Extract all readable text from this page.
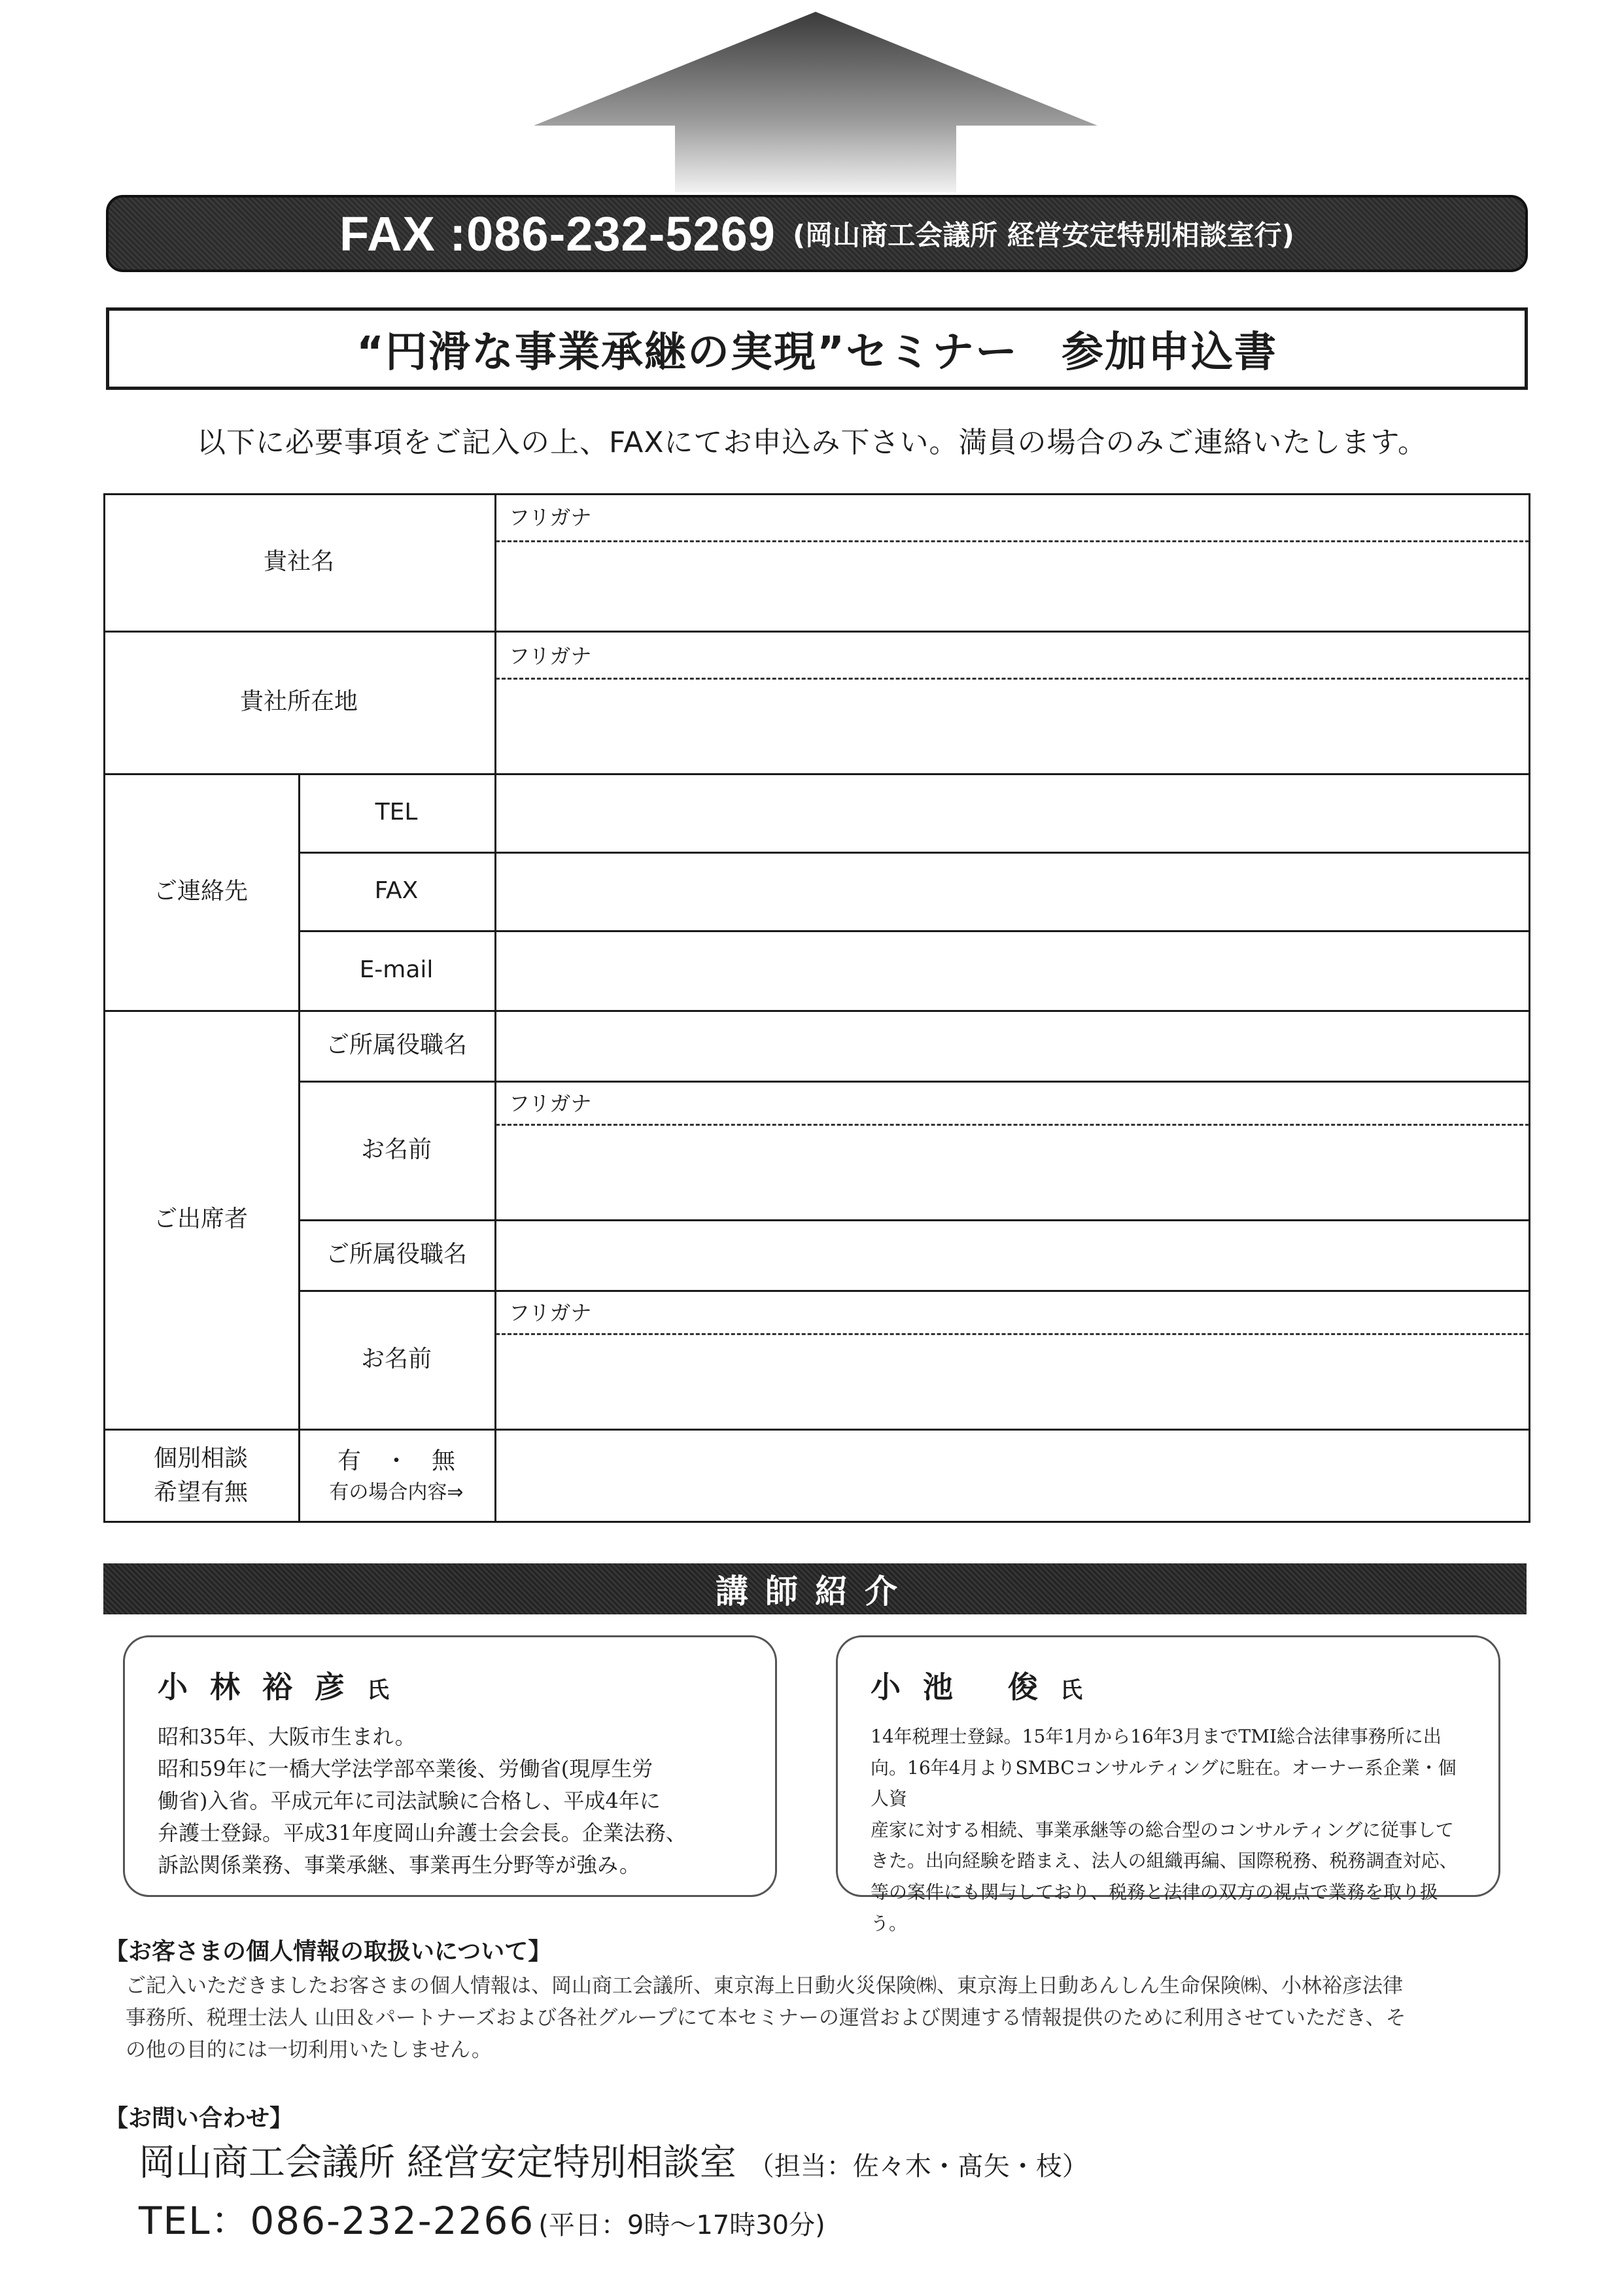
FAX :086-232-5269 (岡山商工会議所 経営安定特別相談室行)
“円滑な事業承継の実現”セミナー　参加申込書
以下に必要事項をご記入の上、FAXにてお申込み下さい。満員の場合のみご連絡いたします。
貴社名
フリガナ
貴社所在地
フリガナ
ご連絡先
TEL
FAX
E-mail
ご出席者
ご所属役職名
お名前
フリガナ
ご所属役職名
お名前
フリガナ
個別相談
希望有無
有　・　無
有の場合内容⇒
講師紹介
小林裕彦氏
昭和35年、大阪市生まれ。
昭和59年に一橋大学法学部卒業後、労働省(現厚生労
働省)入省。平成元年に司法試験に合格し、平成4年に
弁護士登録。平成31年度岡山弁護士会会長。企業法務、
訴訟関係業務、事業承継、事業再生分野等が強み。
小池 俊氏
14年税理士登録。15年1月から16年3月までTMI総合法律事務所に出
向。16年4月よりSMBCコンサルティングに駐在。オーナー系企業・個人資
産家に対する相続、事業承継等の総合型のコンサルティングに従事して
きた。出向経験を踏まえ、法人の組織再編、国際税務、税務調査対応、
等の案件にも関与しており、税務と法律の双方の視点で業務を取り扱う。
【お客さまの個人情報の取扱いについて】
ご記入いただきましたお客さまの個人情報は、岡山商工会議所、東京海上日動火災保険㈱、東京海上日動あんしん生命保険㈱、小林裕彦法律
事務所、税理士法人 山田＆パートナーズおよび各社グループにて本セミナーの運営および関連する情報提供のために利用させていただき、そ
の他の目的には一切利用いたしません。
【お問い合わせ】
岡山商工会議所 経営安定特別相談室 （担当：佐々木・髙矢・枝）
TEL：086-232-2266 (平日：9時～17時30分)
